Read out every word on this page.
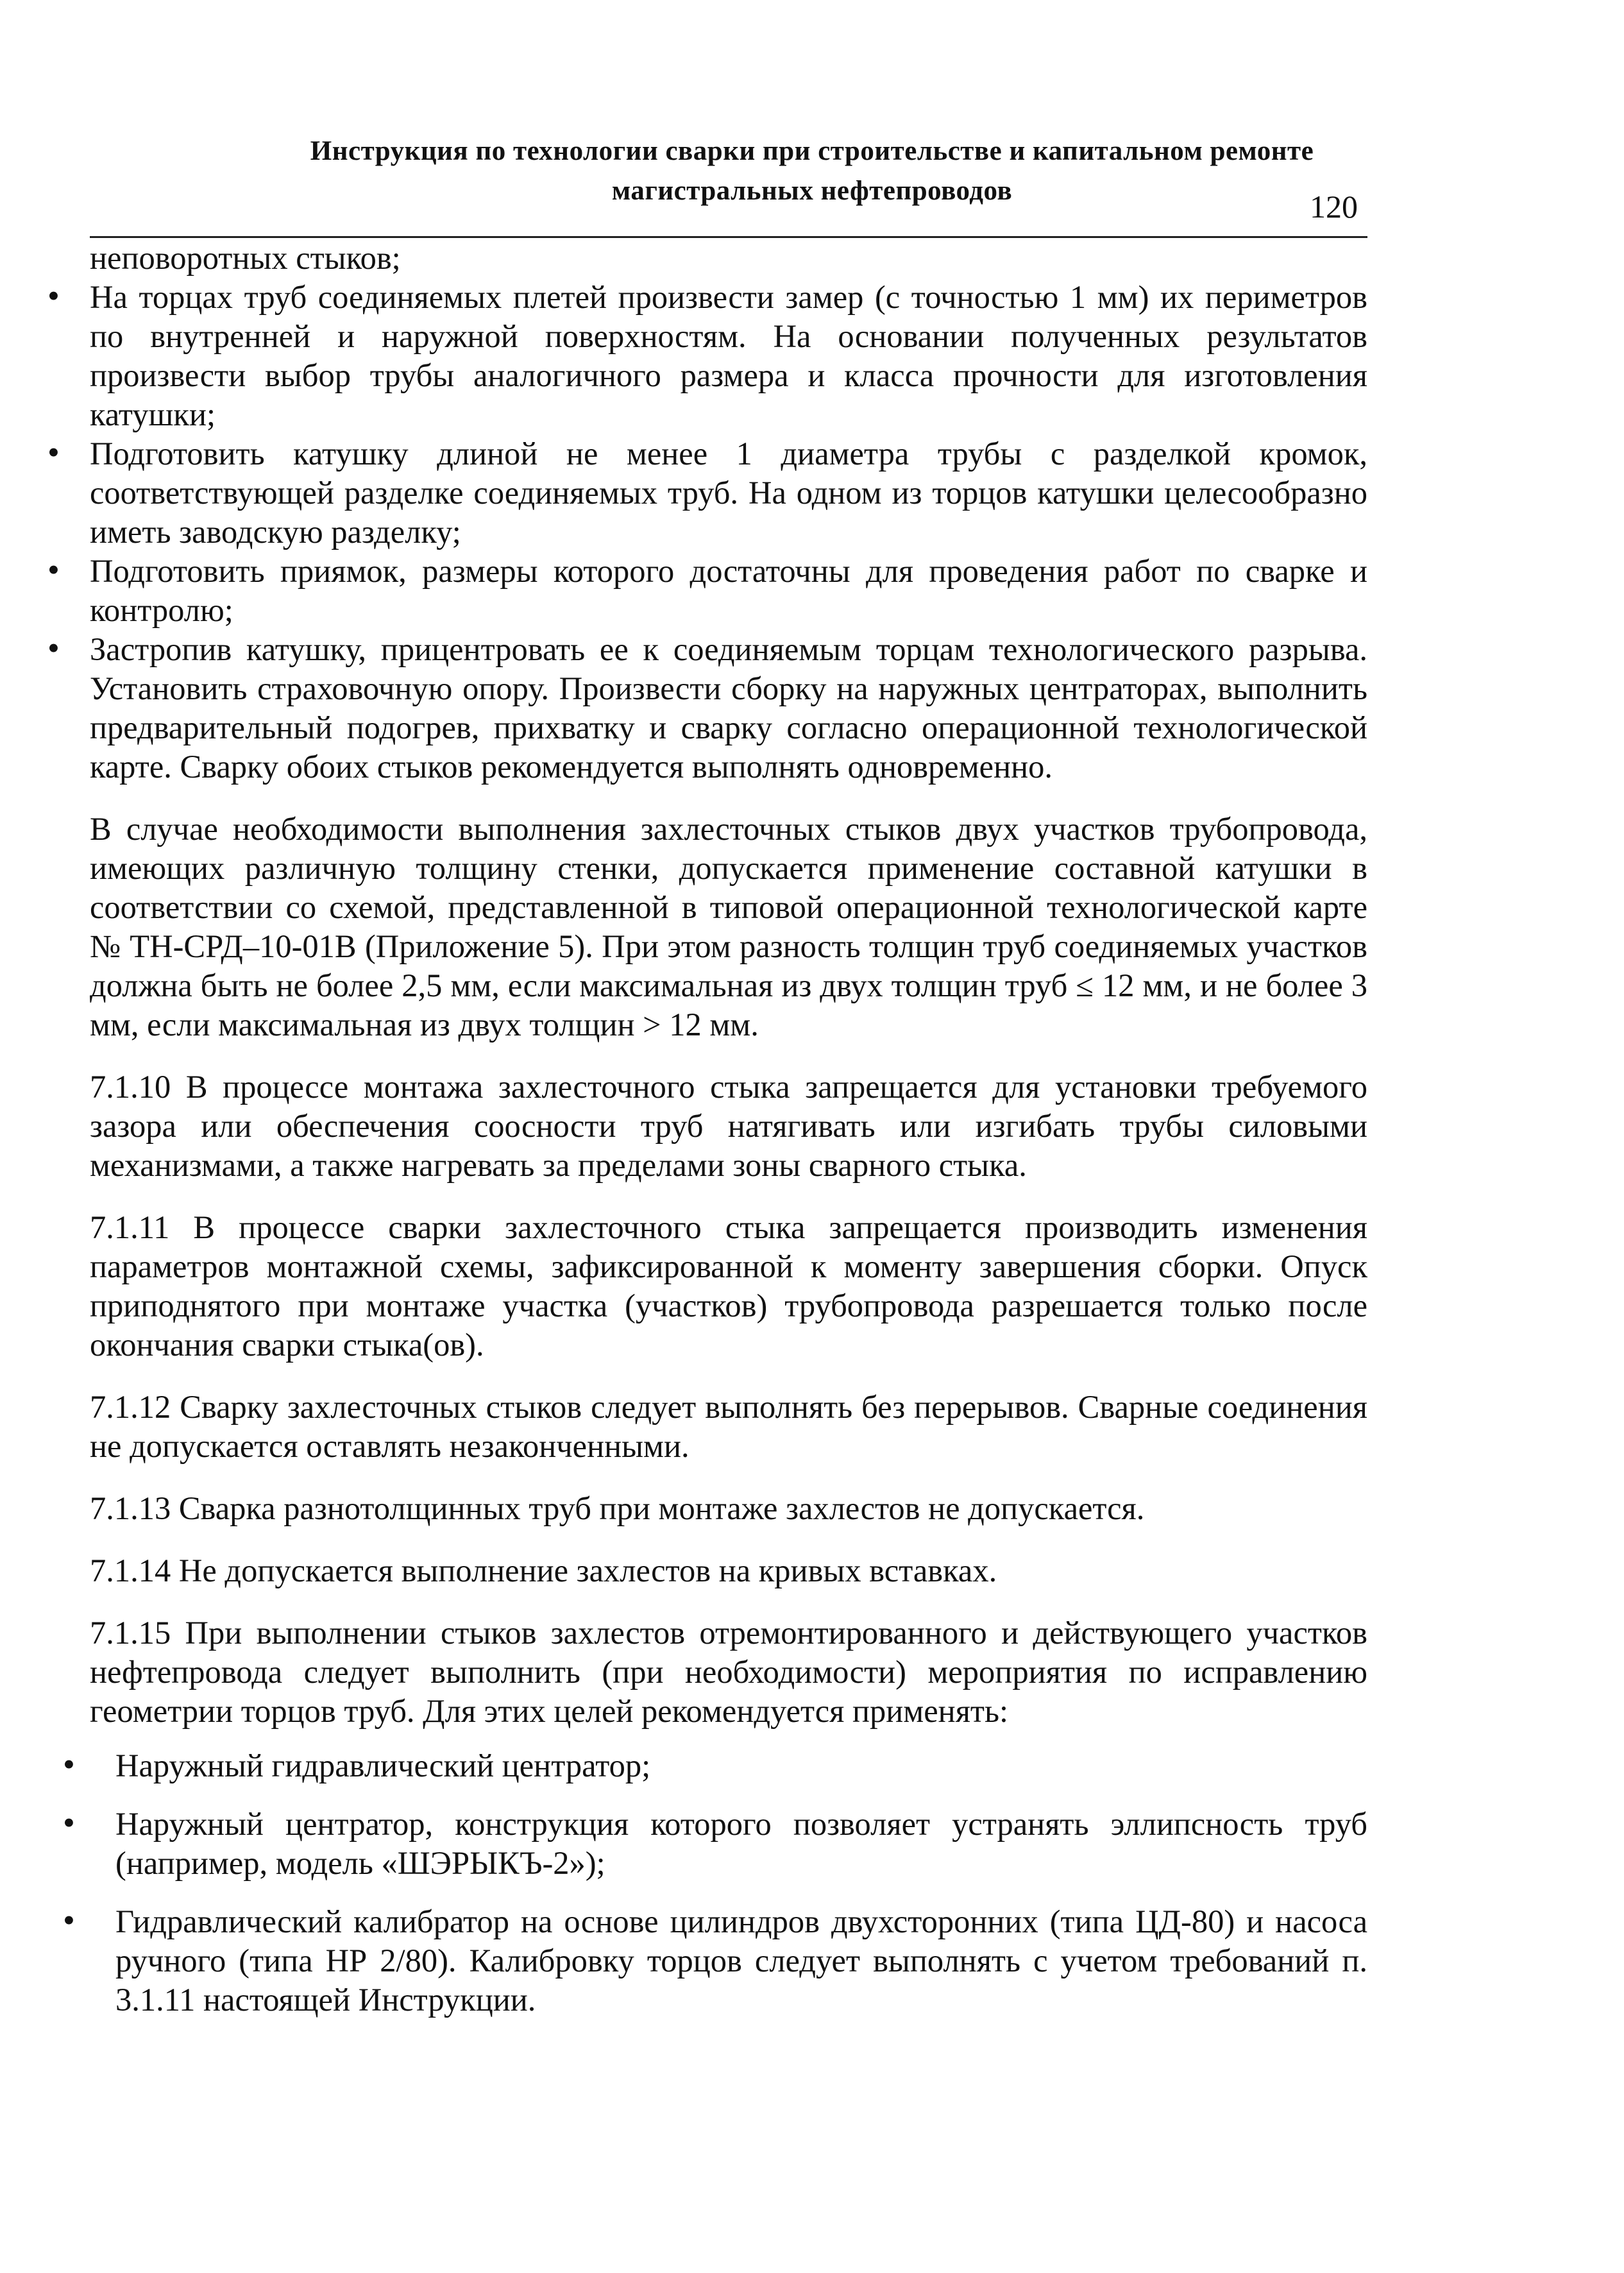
Инструкция по технологии сварки при строительстве и капитальном ремонте
магистральных нефтепроводов	120
неповоротных стыков;
• На торцах труб соединяемых плетей произвести замер (с точностью 1 мм) их периметров по внутренней и наружной поверхностям. На основании полученных результатов произвести выбор трубы аналогичного размера и класса прочности для изготовления катушки;
• Подготовить катушку длиной не менее 1 диаметра трубы с разделкой кромок, соответствующей разделке соединяемых труб. На одном из торцов катушки целесообразно иметь заводскую разделку;
• Подготовить приямок, размеры которого достаточны для проведения работ по сварке и контролю;
• Застропив катушку, прицентровать ее к соединяемым торцам технологического разрыва. Установить страховочную опору. Произвести сборку на наружных центраторах, выполнить предварительный подогрев, прихватку и сварку согласно операционной технологической карте. Сварку обоих стыков рекомендуется выполнять одновременно.

В случае необходимости выполнения захлесточных стыков двух участков трубопровода, имеющих различную толщину стенки, допускается применение составной катушки в соответствии со схемой, представленной в типовой операционной технологической карте № ТН-СРД–10-01В (Приложение 5). При этом разность толщин труб соединяемых участков должна быть не более 2,5 мм, если максимальная из двух толщин труб ≤ 12 мм, и не более 3 мм, если максимальная из двух толщин > 12 мм.

7.1.10 В процессе монтажа захлесточного стыка запрещается для установки требуемого зазора или обеспечения соосности труб натягивать или изгибать трубы силовыми механизмами, а также нагревать за пределами зоны сварного стыка.

7.1.11 В процессе сварки захлесточного стыка запрещается производить изменения параметров монтажной схемы, зафиксированной к моменту завершения сборки. Опуск приподнятого при монтаже участка (участков) трубопровода разрешается только после окончания сварки стыка(ов).

7.1.12 Сварку захлесточных стыков следует выполнять без перерывов. Сварные соединения не допускается оставлять незаконченными.

7.1.13 Сварка разнотолщинных труб при монтаже захлестов не допускается.

7.1.14 Не допускается выполнение захлестов на кривых вставках.

7.1.15 При выполнении стыков захлестов отремонтированного и действующего участков нефтепровода следует выполнить (при необходимости) мероприятия по исправлению геометрии торцов труб. Для этих целей рекомендуется применять:

• Наружный гидравлический центратор;
• Наружный центратор, конструкция которого позволяет устранять эллипсность труб (например, модель «ШЭРЫКЪ-2»);
• Гидравлический калибратор на основе цилиндров двухсторонних (типа ЦД-80) и насоса ручного (типа НР 2/80). Калибровку торцов следует выполнять с учетом требований п. 3.1.11 настоящей Инструкции.
